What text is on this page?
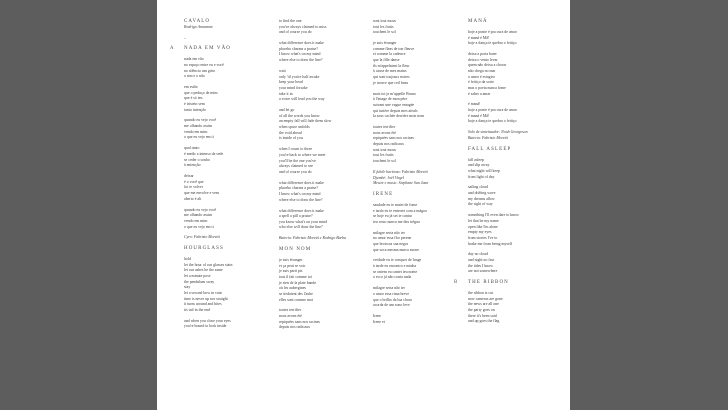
CAVALO

Rodrigo Amarante

–

A NADA EM VÃO

nada em vão

no espaço entre eu e você

no silêncio um grito

o sim e o não

em estão

que o peduço de mim

que é só teu

é tristeto sem

tanto intenção

quando eu vejo você

me olhando assim

vendo em mim

o que eu vejo em ti

qual tanto

é medir a intenso da sede

se ceder o sonho

à entenção

deixar

é o você que

foi te volver

que me envolve e vem

aberto é ali

quando eu vejo você

me olhando assim

vendo em mim

o que eu vejo em ti

Cyro: Fabrizio Moretti

HOURGLASS

hold

let the hour of our glasses stain

let our ashes be the same

let a minute pose

the pendulum sway

stay

let a second bow in vain

time is never up nor straight

it turns around and bites

its tail in the end

and when you close your eyes

you're bound to look inside

to find the one

you've always claimed to miss

and of course you do

what difference does it make

placebo charms a praise?

I know what's on my mind

where else to draw the line?

wait

only 'til you're half awake

keep your head

your mind forsake

take it in

a voice will lead you the way

and let go

of all the words you know

an empty fall will fade them slow

when space unfolds

the void ahead

is inside of you

when I count to three

you're back to where we meet

you'll be the one you've

always claimed to see

and of course you do

what difference does it make

placebo charms a praise?

I know what's on my mind

where else to draw the line?

what difference does it make

a spell a pill a praise?

you know what's on your mind

who else will draw the line?

Bateria: Fabrizio Moretti e Rodrigo Barba

MON NOM

je suis étranger

et ça peut se voir

je suis parti pis

tout il fait comme toi

je rien de la plate bande

où les aubergines

se tiedaient des l'aube

elles sont comme moi

toutes terrifier

nous avons été

repiquées sans nos racines

depuis nos radicaux

sont tout mous

tout les fruits

touchent le sol

je suis étranger

comme fleas de ton fleuve

et comme la cadence

que la fille danse

ils m'appelaient la fleur

à cause de mes mains

qui sont toujours noires

je trouve que ceil beau

mais toi je m'appelle Bruno

à l'image de mon père

suivant une vague enragée

qui turière depuis mes aïeuls

la sous cachée derrière mon nom

toutes terrifier

nous avons été

repiquées sans nos racines

depuis nos radicaux

sont tout mous

tout les fruits

touchent le sol

Il fubile baritono: Fabrizio Moretti

Djembé: Joël Virgel

Mestre e music: Stephane San Juan

IRENE

saudade eu te matei de fome

e tardo eu te enterrei com a mágoa

se hoje eu já sei te cantar

teu rosto nunca me deu trégua

milagre seria não ter

no amor essa flor perene

que brota na sua negra

que soca mesma nunca morre

verdade eu te conquei de longe

à tarde eu encontro e minha

se ontem eu cantei teu nome

o ecco já não conta nada

milagre seria não ter

o amor essa rima breve

que o brilho da lua chora

acorda de um sono leve

Irene

Irene et

MANÁ

hoje a ponte é pra cura de amor

é maná é Mã!

hoje a dança te quebra o feitiço

deixa a porta bater

deixa o vento levar

quem não deixa a chorar

não chega no mar

o amor é estagiro

é feitiço da sorte

mas o poeta nunca fome

é saber a amar

é maná!

hoje a ponte é pra cura de amor

é maná é Mã!

hoje a dança te quebra o feitiço

Solo de sintetizador: Noah Georgeson

Bateria: Fabrizio Moretti

FALL ASLEEP

fall asleep

and slip away

what night will keep

from light of day

sailing cloud

and drifting wave

my dreams allow

the right of way

something I'll even dare to know

let that be my name

open like I'm alone

empty my eyes

from stories I've to

brake me from being myself

day no cloud

and night no fast

the tides I know

are not somewhere

B THE RIBBON

the ribbon is cut

now cameras are gone

the news are all one

the party goes on

there it's been said

and up goes the flag
